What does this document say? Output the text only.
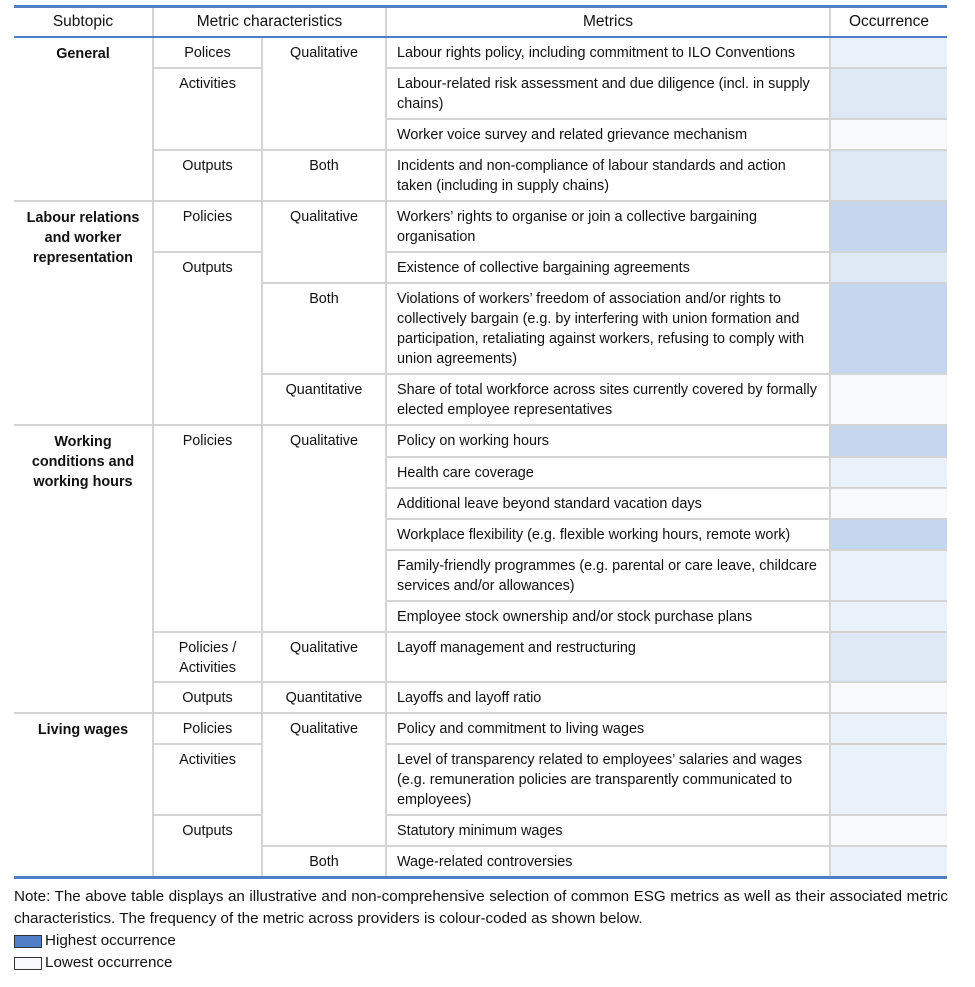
Subtopic	Metric characteristics		Metrics	Occurrence
General	Polices	Qualitative	Labour rights policy, including commitment to ILO Conventions	
	Activities		Labour-related risk assessment and due diligence (incl. in supply chains)	
			Worker voice survey and related grievance mechanism	
	Outputs	Both	Incidents and non-compliance of labour standards and action taken (including in supply chains)	
Labour relations and worker representation	Policies	Qualitative	Workers’ rights to organise or join a collective bargaining organisation	
	Outputs		Existence of collective bargaining agreements	
		Both	Violations of workers’ freedom of association and/or rights to collectively bargain (e.g. by interfering with union formation and participation, retaliating against workers, refusing to comply with union agreements)	
		Quantitative	Share of total workforce across sites currently covered by formally elected employee representatives	
Working conditions and working hours	Policies	Qualitative	Policy on working hours	
			Health care coverage	
			Additional leave beyond standard vacation days	
			Workplace flexibility (e.g. flexible working hours, remote work)	
			Family-friendly programmes (e.g. parental or care leave, childcare services and/or allowances)	
			Employee stock ownership and/or stock purchase plans	
	Policies / Activities	Qualitative	Layoff management and restructuring	
	Outputs	Quantitative	Layoffs and layoff ratio	
Living wages	Policies	Qualitative	Policy and commitment to living wages	
	Activities		Level of transparency related to employees’ salaries and wages (e.g. remuneration policies are transparently communicated to employees)	
	Outputs		Statutory minimum wages	
		Both	Wage-related controversies	
Note: The above table displays an illustrative and non-comprehensive selection of common ESG metrics as well as their associated metric characteristics. The frequency of the metric across providers is colour-coded as shown below.
Highest occurrence
Lowest occurrence
